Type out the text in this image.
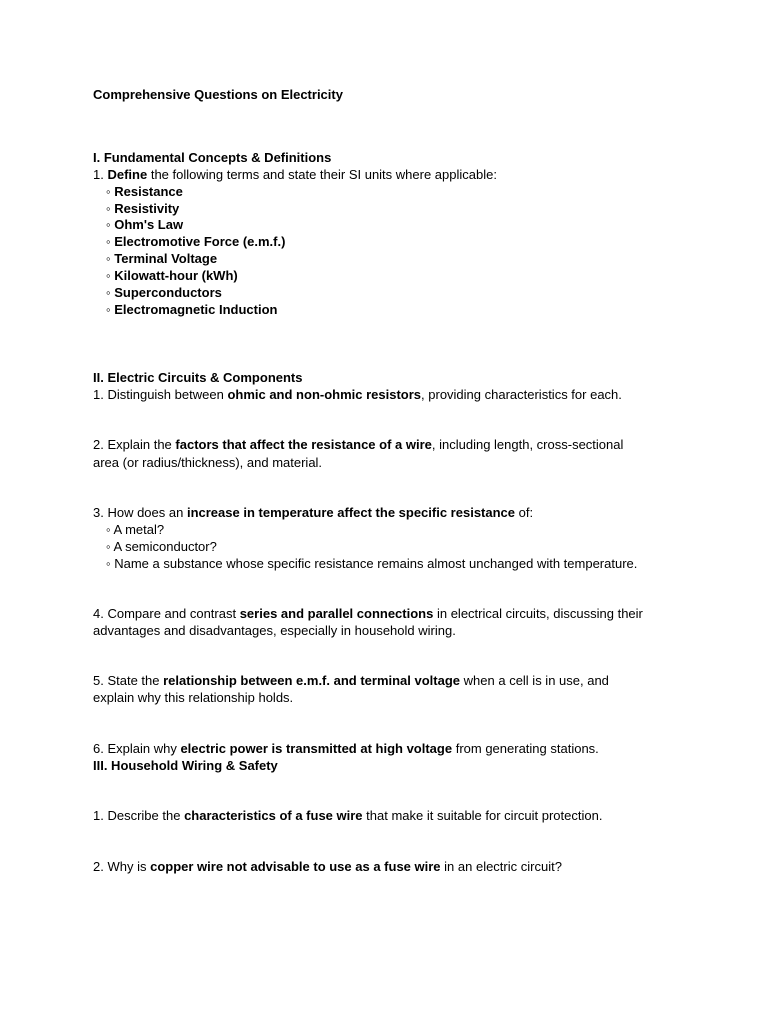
Comprehensive Questions on Electricity
I. Fundamental Concepts & Definitions
1. Define the following terms and state their SI units where applicable:
◦ Resistance
◦ Resistivity
◦ Ohm's Law
◦ Electromotive Force (e.m.f.)
◦ Terminal Voltage
◦ Kilowatt-hour (kWh)
◦ Superconductors
◦ Electromagnetic Induction
II. Electric Circuits & Components
1. Distinguish between ohmic and non-ohmic resistors, providing characteristics for each.
2. Explain the factors that affect the resistance of a wire, including length, cross-sectional
area (or radius/thickness), and material.
3. How does an increase in temperature affect the specific resistance of:
◦ A metal?
◦ A semiconductor?
◦ Name a substance whose specific resistance remains almost unchanged with temperature.
4. Compare and contrast series and parallel connections in electrical circuits, discussing their
advantages and disadvantages, especially in household wiring.
5. State the relationship between e.m.f. and terminal voltage when a cell is in use, and
explain why this relationship holds.
6. Explain why electric power is transmitted at high voltage from generating stations.
III. Household Wiring & Safety
1. Describe the characteristics of a fuse wire that make it suitable for circuit protection.
2. Why is copper wire not advisable to use as a fuse wire in an electric circuit?
